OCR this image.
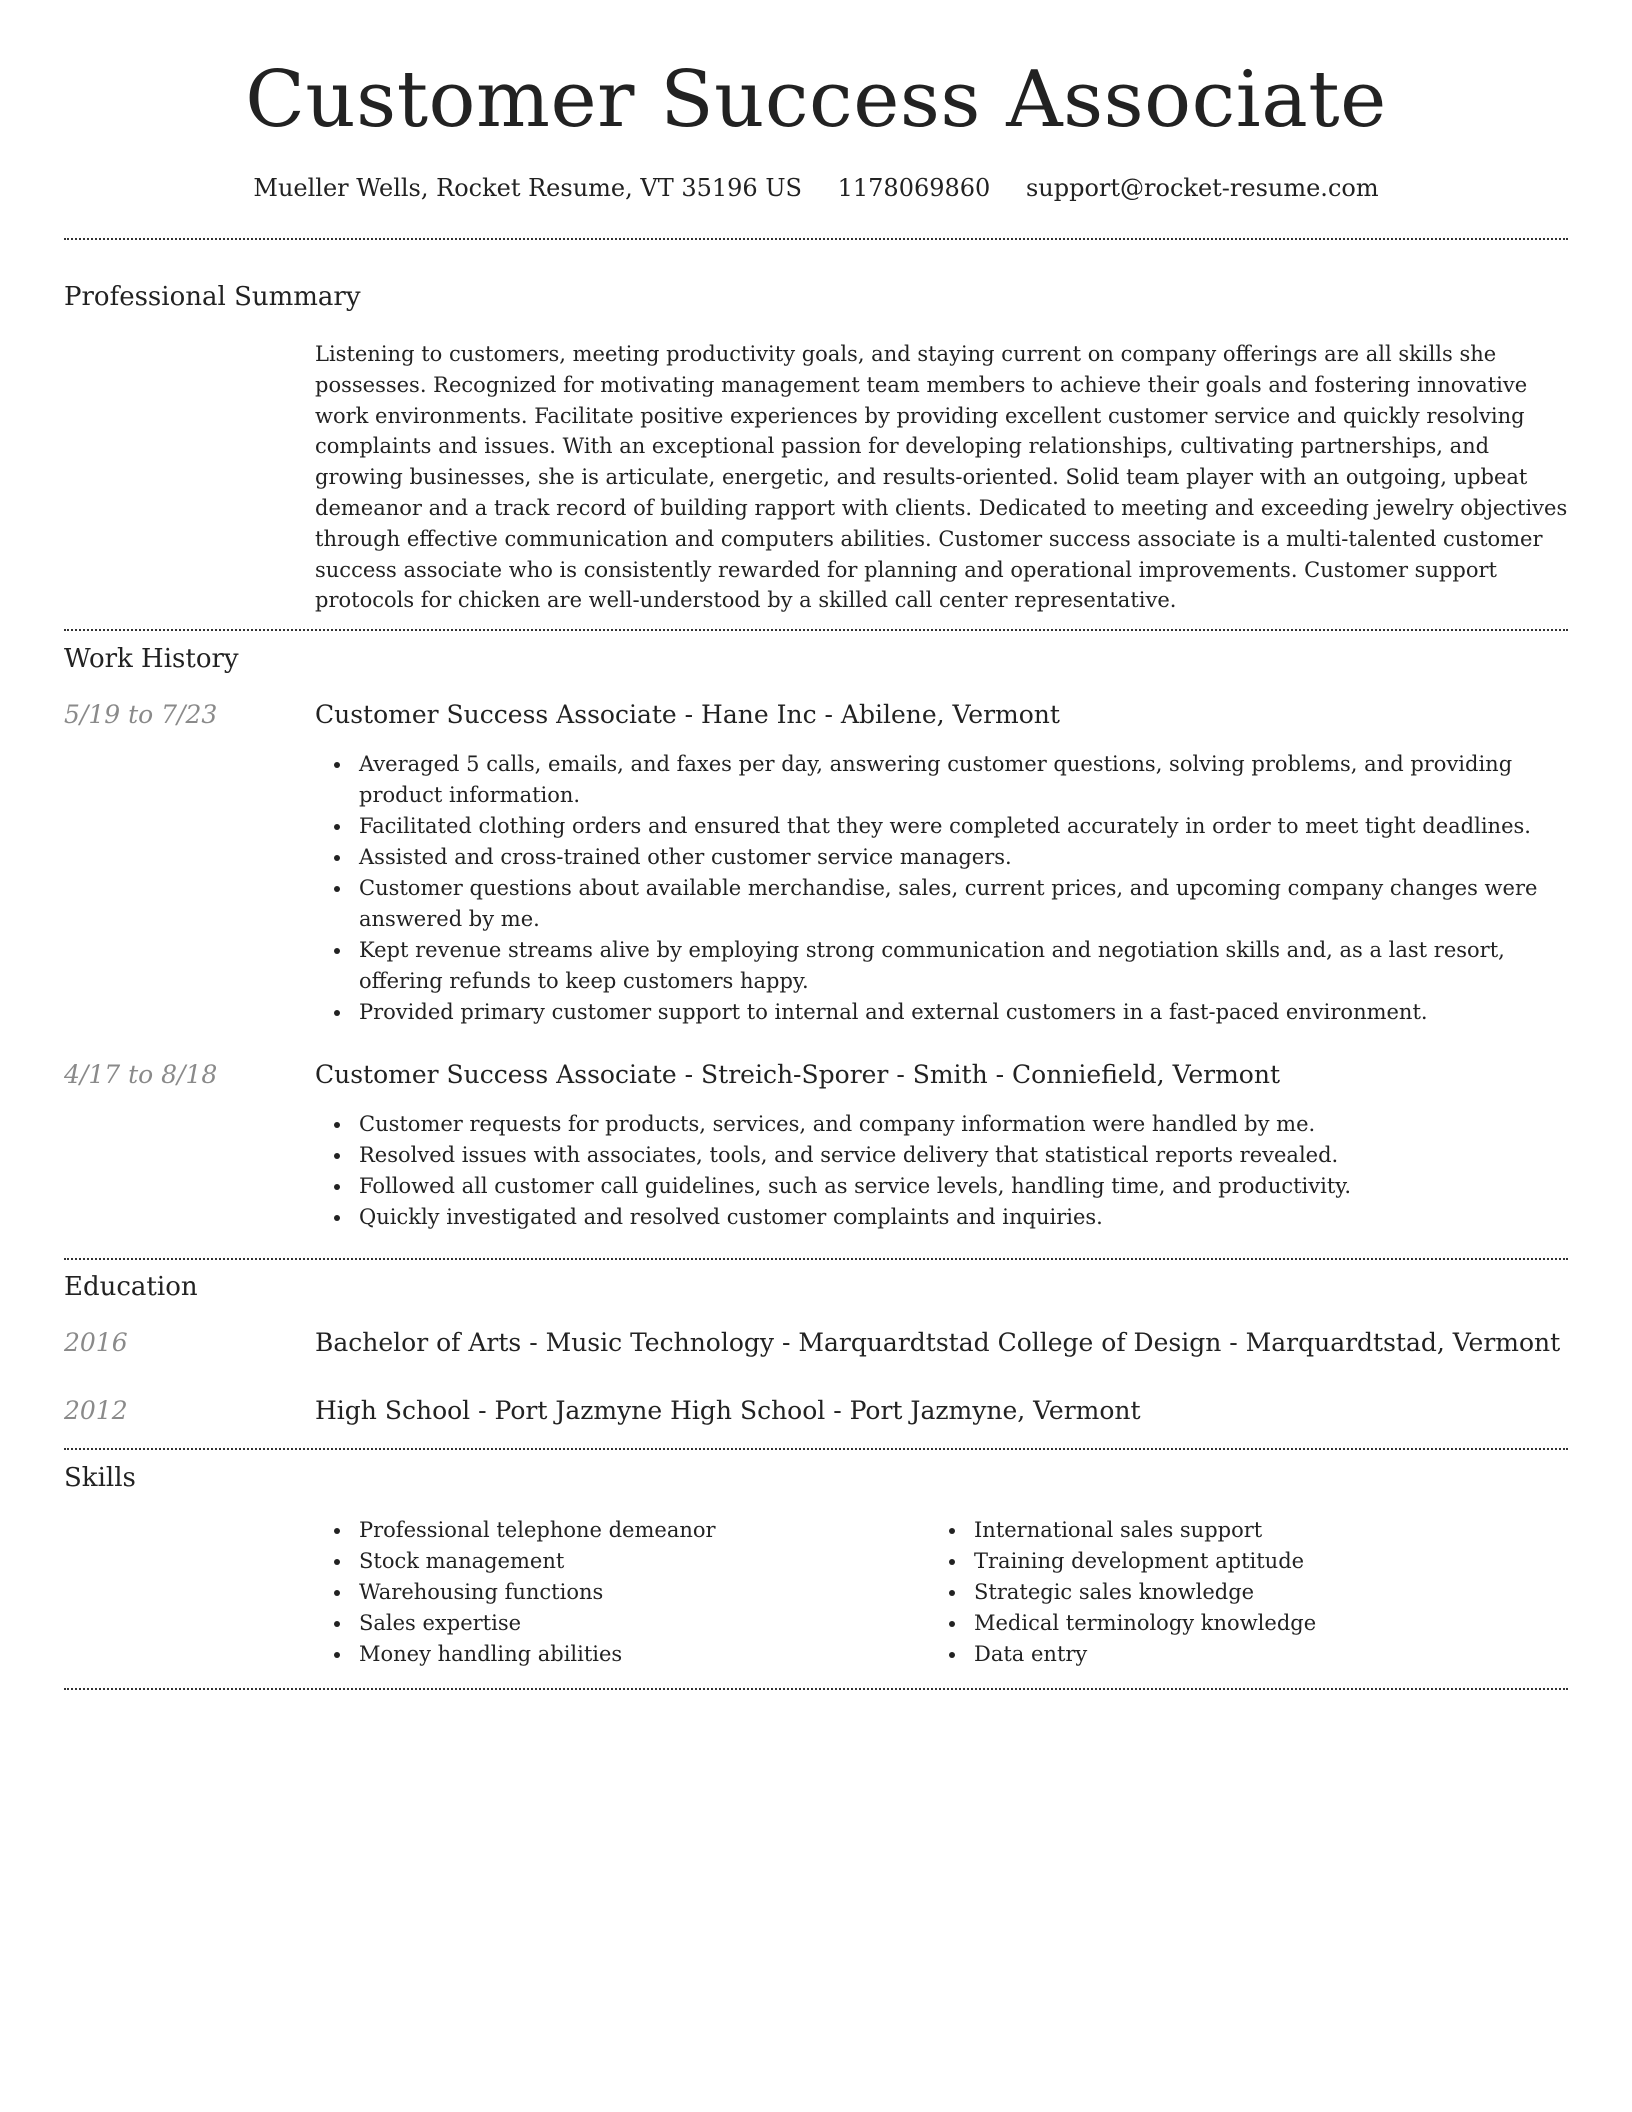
Customer Success Associate
Mueller Wells, Rocket Resume, VT 35196 US 1178069860 support@rocket-resume.com
Professional Summary
Listening to customers, meeting productivity goals, and staying current on company offerings are all skills she possesses. Recognized for motivating management team members to achieve their goals and fostering innovative work environments. Facilitate positive experiences by providing excellent customer service and quickly resolving complaints and issues. With an exceptional passion for developing relationships, cultivating partnerships, and growing businesses, she is articulate, energetic, and results-oriented. Solid team player with an outgoing, upbeat demeanor and a track record of building rapport with clients. Dedicated to meeting and exceeding jewelry objectives through effective communication and computers abilities. Customer success associate is a multi-talented customer success associate who is consistently rewarded for planning and operational improvements. Customer support protocols for chicken are well-understood by a skilled call center representative.
Work History
5/19 to 7/23	Customer Success Associate - Hane Inc - Abilene, Vermont
Averaged 5 calls, emails, and faxes per day, answering customer questions, solving problems, and providing product information.
Facilitated clothing orders and ensured that they were completed accurately in order to meet tight deadlines.
Assisted and cross-trained other customer service managers.
Customer questions about available merchandise, sales, current prices, and upcoming company changes were answered by me.
Kept revenue streams alive by employing strong communication and negotiation skills and, as a last resort, offering refunds to keep customers happy.
Provided primary customer support to internal and external customers in a fast-paced environment.
4/17 to 8/18	Customer Success Associate - Streich-Sporer - Smith - Conniefield, Vermont
Customer requests for products, services, and company information were handled by me.
Resolved issues with associates, tools, and service delivery that statistical reports revealed.
Followed all customer call guidelines, such as service levels, handling time, and productivity.
Quickly investigated and resolved customer complaints and inquiries.
Education
2016	Bachelor of Arts - Music Technology - Marquardtstad College of Design - Marquardtstad, Vermont
2012	High School - Port Jazmyne High School - Port Jazmyne, Vermont
Skills
Professional telephone demeanor
Stock management
Warehousing functions
Sales expertise
Money handling abilities
International sales support
Training development aptitude
Strategic sales knowledge
Medical terminology knowledge
Data entry
